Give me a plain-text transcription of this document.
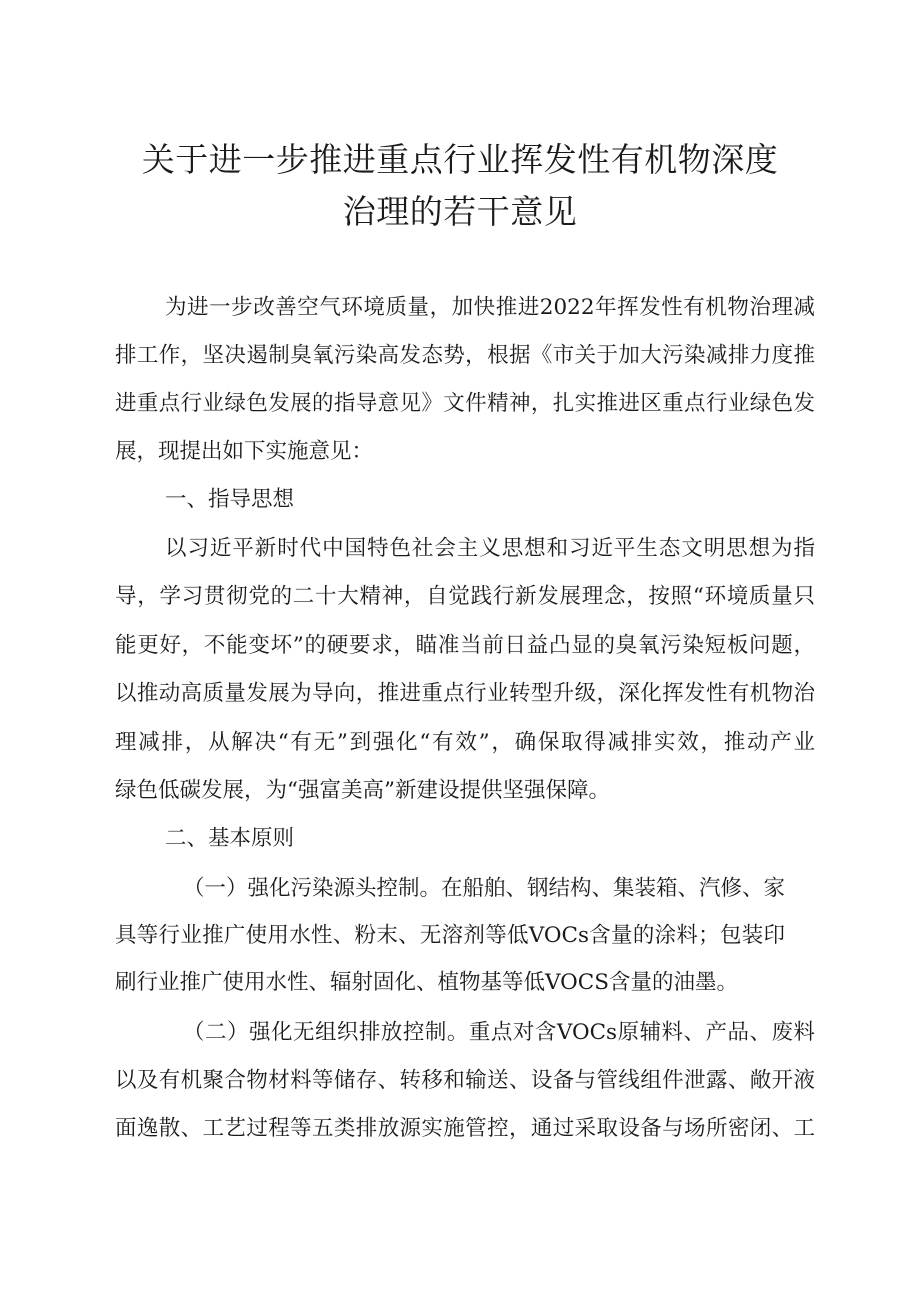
关于进一步推进重点行业挥发性有机物深度
治理的若干意见

为进一步改善空气环境质量，加快推进2022年挥发性有机物治理减

排工作，坚决遏制臭氧污染高发态势，根据《市关于加大污染减排力度推

进重点行业绿色发展的指导意见》文件精神，扎实推进区重点行业绿色发

展，现提出如下实施意见：

一、指导思想

以习近平新时代中国特色社会主义思想和习近平生态文明思想为指

导，学习贯彻党的二十大精神，自觉践行新发展理念，按照“环境质量只

能更好，不能变坏”的硬要求，瞄准当前日益凸显的臭氧污染短板问题，

以推动高质量发展为导向，推进重点行业转型升级，深化挥发性有机物治

理减排，从解决“有无”到强化“有效”，确保取得减排实效，推动产业

绿色低碳发展，为“强富美高”新建设提供坚强保障。

二、基本原则

（一）强化污染源头控制。在船舶、钢结构、集装箱、汽修、家

具等行业推广使用水性、粉末、无溶剂等低VOCs含量的涂料；包装印

刷行业推广使用水性、辐射固化、植物基等低VOCS含量的油墨。

（二）强化无组织排放控制。重点对含VOCs原辅料、产品、废料

以及有机聚合物材料等储存、转移和输送、设备与管线组件泄露、敞开液

面逸散、工艺过程等五类排放源实施管控，通过采取设备与场所密闭、工
